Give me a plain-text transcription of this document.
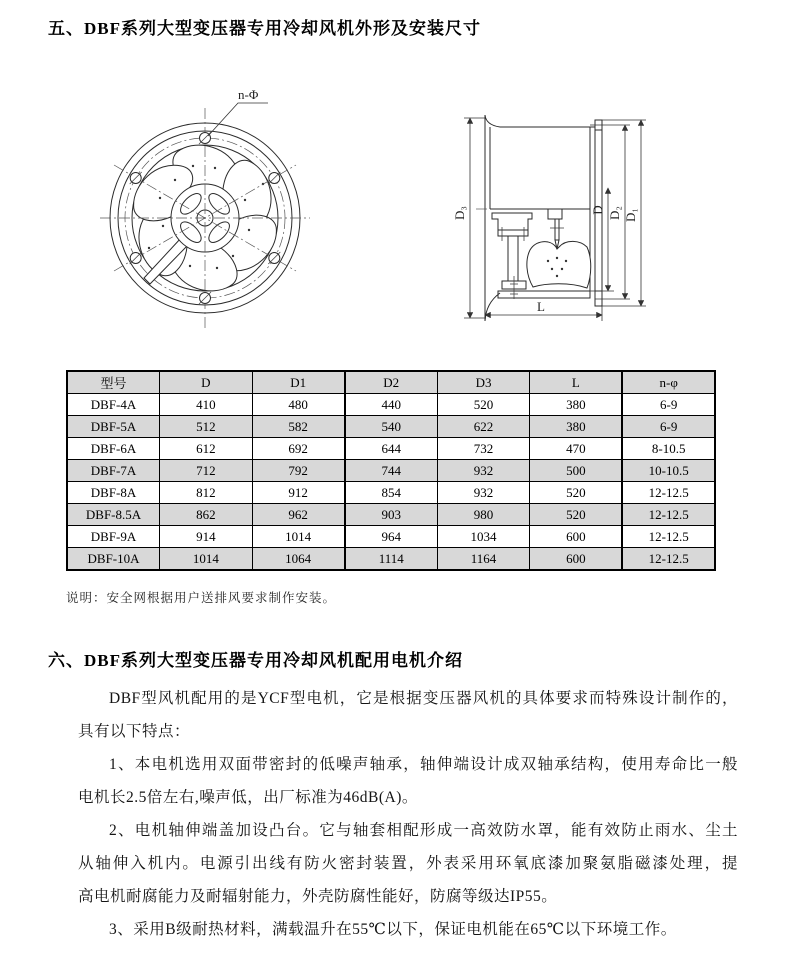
五、DBF系列大型变压器专用冷却风机外形及安装尺寸
n-Φ
D₃	D D₂ D₁
L
型号	D	D1	D2	D3	L	n-φ
DBF-4A	410	480	440	520	380	6-9
DBF-5A	512	582	540	622	380	6-9
DBF-6A	612	692	644	732	470	8-10.5
DBF-7A	712	792	744	932	500	10-10.5
DBF-8A	812	912	854	932	520	12-12.5
DBF-8.5A	862	962	903	980	520	12-12.5
DBF-9A	914	1014	964	1034	600	12-12.5
DBF-10A	1014	1064	1114	1164	600	12-12.5

说明：安全网根据用户送排风要求制作安装。

六、DBF系列大型变压器专用冷却风机配用电机介绍
DBF型风机配用的是YCF型电机，它是根据变压器风机的具体要求而特殊设计制作的，
具有以下特点：
1、本电机选用双面带密封的低噪声轴承，轴伸端设计成双轴承结构，使用寿命比一般
电机长2.5倍左右,噪声低，出厂标准为46dB(A)。
2、电机轴伸端盖加设凸台。它与轴套相配形成一高效防水罩，能有效防止雨水、尘土
从轴伸入机内。电源引出线有防火密封装置，外表采用环氧底漆加聚氨脂磁漆处理，提
高电机耐腐能力及耐辐射能力，外壳防腐性能好，防腐等级达IP55。
3、采用B级耐热材料，满载温升在55℃以下，保证电机能在65℃以下环境工作。
